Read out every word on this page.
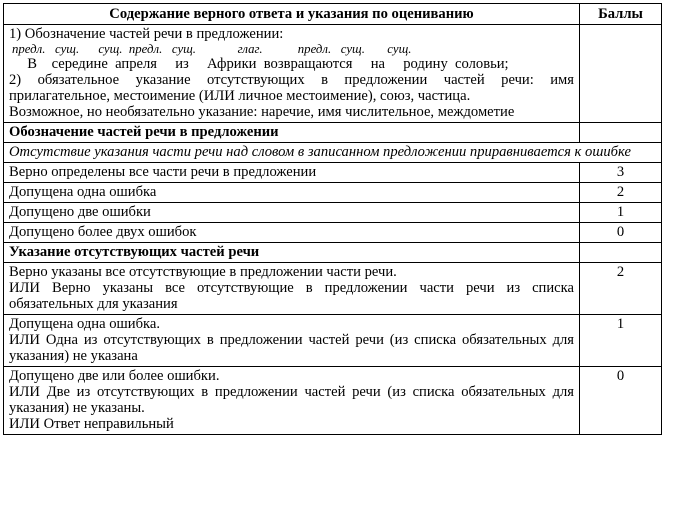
Содержание верного ответа и указания по оцениванию	Баллы

1) Обозначение частей речи в предложении:
предл.   сущ.      сущ.  предл.   сущ.             глаг.           предл.   сущ.       сущ.
В    середине  апреля     из     Африки  возвращаются     на     родину  соловьи;
2) обязательное указание отсутствующих в предложении частей речи: имя прилагательное, местоимение (ИЛИ личное местоимение), союз, частица.
Возможное, но необязательно указание: наречие, имя числительное, междометие	

Обозначение частей речи в предложении	
Отсутствие указания части речи над словом в записанном предложении приравнивается к ошибке	
Верно определены все части речи в предложении	3
Допущена одна ошибка	2
Допущено две ошибки	1
Допущено более двух ошибок	0
Указание отсутствующих частей речи	

Верно указаны все отсутствующие в предложении части речи.
ИЛИ Верно указаны все отсутствующие в предложении части речи из списка обязательных для указания	2

Допущена одна ошибка.
ИЛИ Одна из отсутствующих в предложении частей речи (из списка обязательных для указания) не указана	1

Допущено две или более ошибки.
ИЛИ Две из отсутствующих в предложении частей речи (из списка обязательных для указания) не указаны.
ИЛИ Ответ неправильный	0
